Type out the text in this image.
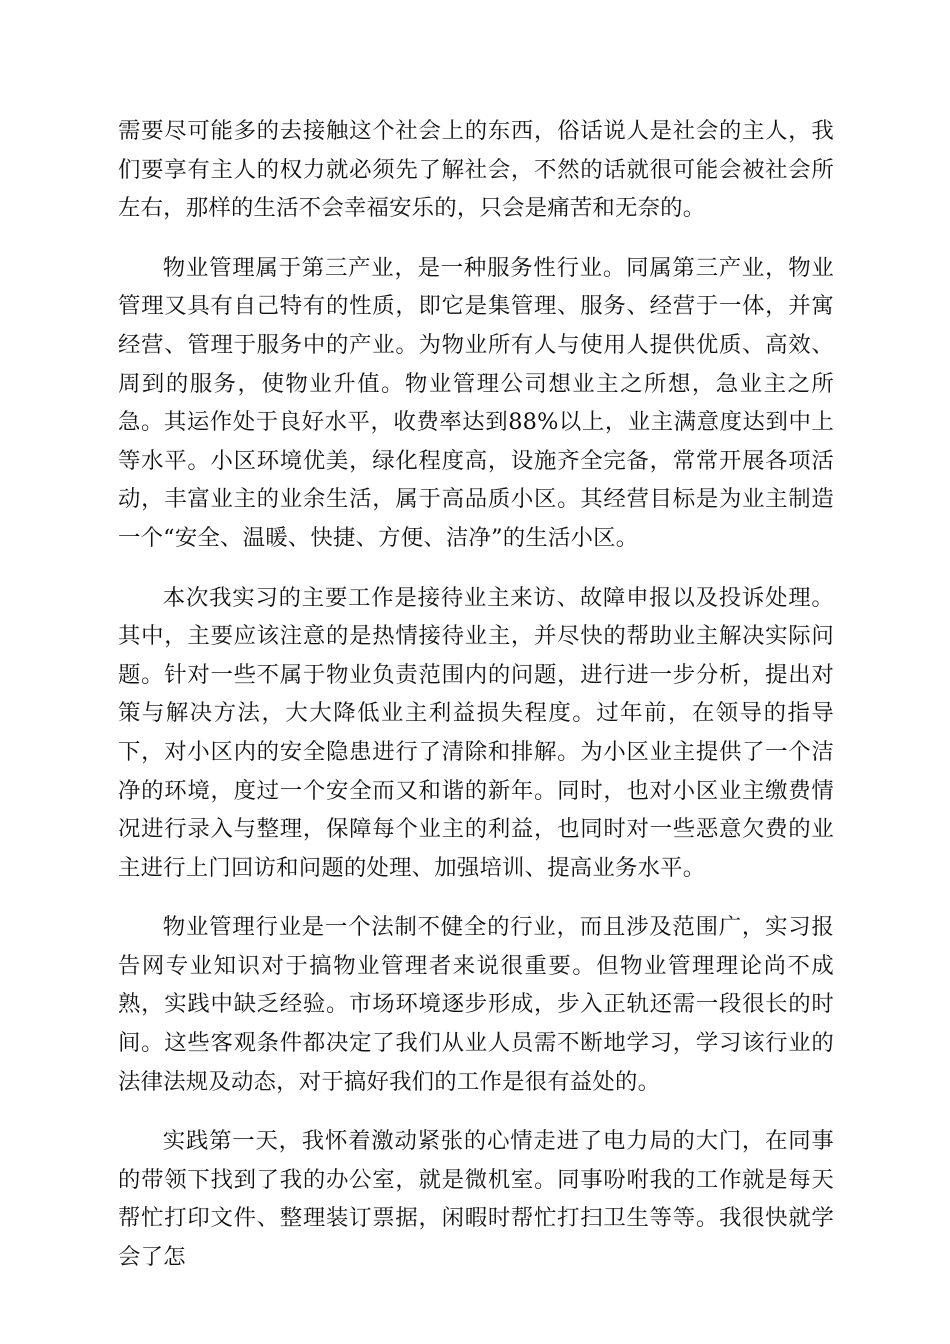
需要尽可能多的去接触这个社会上的东西，俗话说人是社会的主人，我们要享有主人的权力就必须先了解社会，不然的话就很可能会被社会所左右，那样的生活不会幸福安乐的，只会是痛苦和无奈的。

物业管理属于第三产业，是一种服务性行业。同属第三产业，物业管理又具有自己特有的性质，即它是集管理、服务、经营于一体，并寓经营、管理于服务中的产业。为物业所有人与使用人提供优质、高效、周到的服务，使物业升值。物业管理公司想业主之所想，急业主之所急。其运作处于良好水平，收费率达到88%以上，业主满意度达到中上等水平。小区环境优美，绿化程度高，设施齐全完备，常常开展各项活动，丰富业主的业余生活，属于高品质小区。其经营目标是为业主制造一个“安全、温暖、快捷、方便、洁净”的生活小区。

本次我实习的主要工作是接待业主来访、故障申报以及投诉处理。其中，主要应该注意的是热情接待业主，并尽快的帮助业主解决实际问题。针对一些不属于物业负责范围内的问题，进行进一步分析，提出对策与解决方法，大大降低业主利益损失程度。过年前，在领导的指导下，对小区内的安全隐患进行了清除和排解。为小区业主提供了一个洁净的环境，度过一个安全而又和谐的新年。同时，也对小区业主缴费情况进行录入与整理，保障每个业主的利益，也同时对一些恶意欠费的业主进行上门回访和问题的处理、加强培训、提高业务水平。

物业管理行业是一个法制不健全的行业，而且涉及范围广，实习报告网专业知识对于搞物业管理者来说很重要。但物业管理理论尚不成熟，实践中缺乏经验。市场环境逐步形成，步入正轨还需一段很长的时间。这些客观条件都决定了我们从业人员需不断地学习，学习该行业的法律法规及动态，对于搞好我们的工作是很有益处的。

实践第一天，我怀着激动紧张的心情走进了电力局的大门，在同事的带领下找到了我的办公室，就是微机室。同事吩咐我的工作就是每天帮忙打印文件、整理装订票据，闲暇时帮忙打扫卫生等等。我很快就学会了怎
